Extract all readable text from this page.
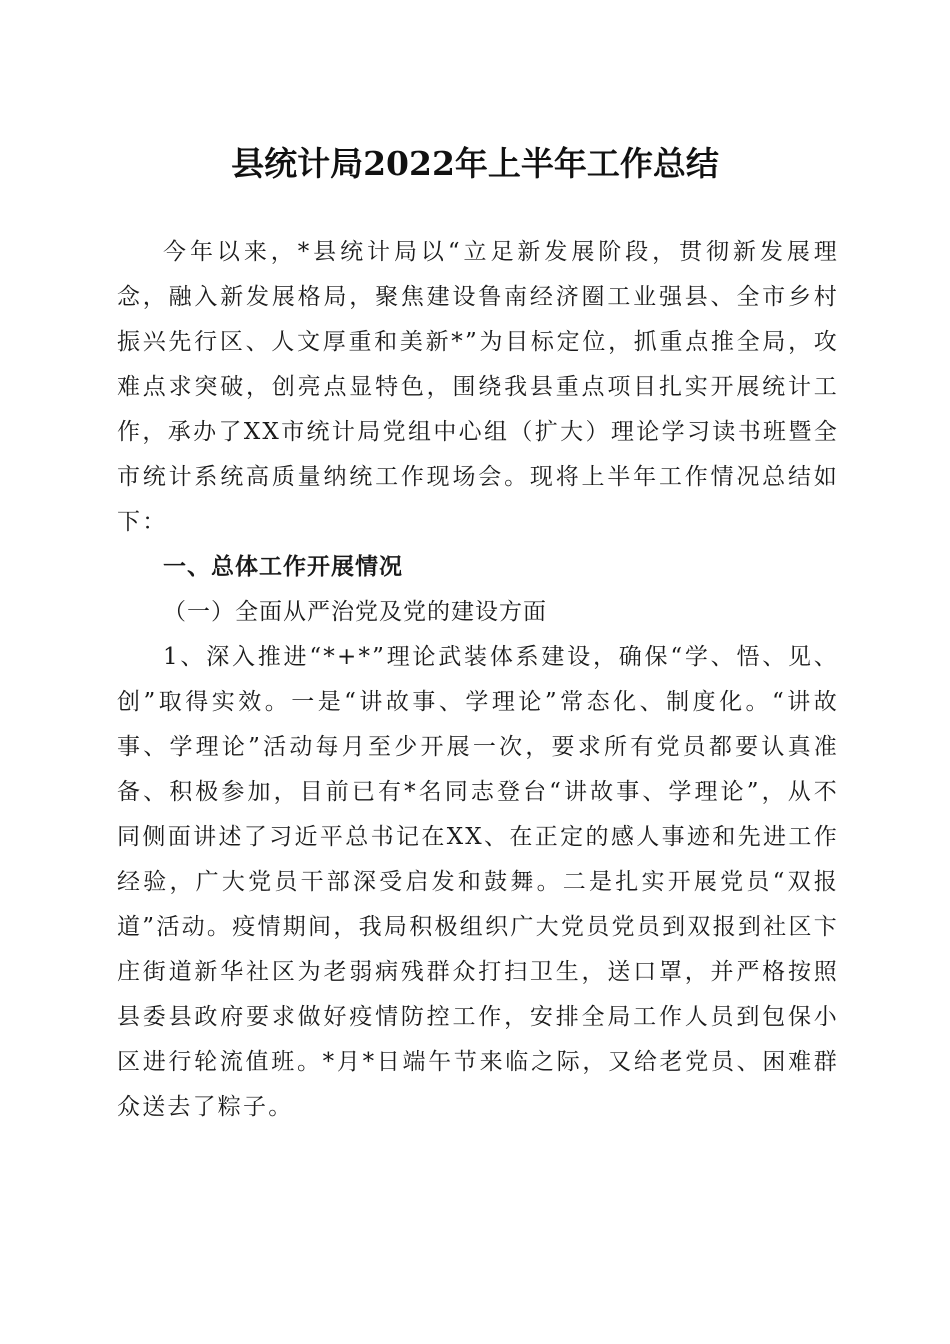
县统计局2022年上半年工作总结

今年以来，*县统计局以“立足新发展阶段，贯彻新发展理念，融入新发展格局，聚焦建设鲁南经济圈工业强县、全市乡村振兴先行区、人文厚重和美新*”为目标定位，抓重点推全局，攻难点求突破，创亮点显特色，围绕我县重点项目扎实开展统计工作，承办了XX市统计局党组中心组（扩大）理论学习读书班暨全市统计系统高质量纳统工作现场会。现将上半年工作情况总结如下：

一、总体工作开展情况

（一）全面从严治党及党的建设方面

1、深入推进“*+*”理论武装体系建设，确保“学、悟、见、创”取得实效。一是“讲故事、学理论”常态化、制度化。“讲故事、学理论”活动每月至少开展一次，要求所有党员都要认真准备、积极参加，目前已有*名同志登台“讲故事、学理论”，从不同侧面讲述了习近平总书记在XX、在正定的感人事迹和先进工作经验，广大党员干部深受启发和鼓舞。二是扎实开展党员“双报道”活动。疫情期间，我局积极组织广大党员党员到双报到社区卞庄街道新华社区为老弱病残群众打扫卫生，送口罩，并严格按照县委县政府要求做好疫情防控工作，安排全局工作人员到包保小区进行轮流值班。*月*日端午节来临之际，又给老党员、困难群众送去了粽子。
